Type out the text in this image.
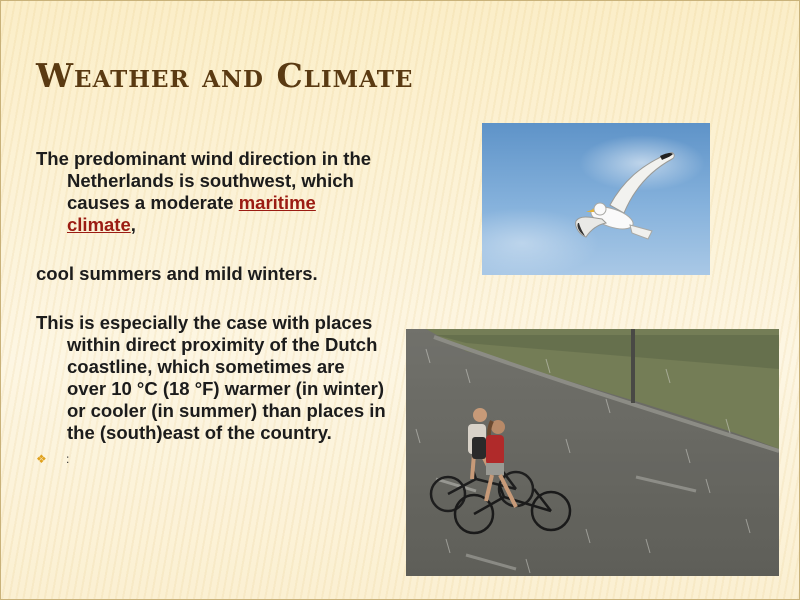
Weather and Climate

The predominant wind direction in the Netherlands is southwest, which causes a moderate maritime climate,

cool summers and mild winters.

This is especially the case with places within direct proximity of the Dutch coastline, which sometimes are over 10 °C (18 °F) warmer (in winter) or cooler (in summer) than places in the (south)east of the country.

❖ :
